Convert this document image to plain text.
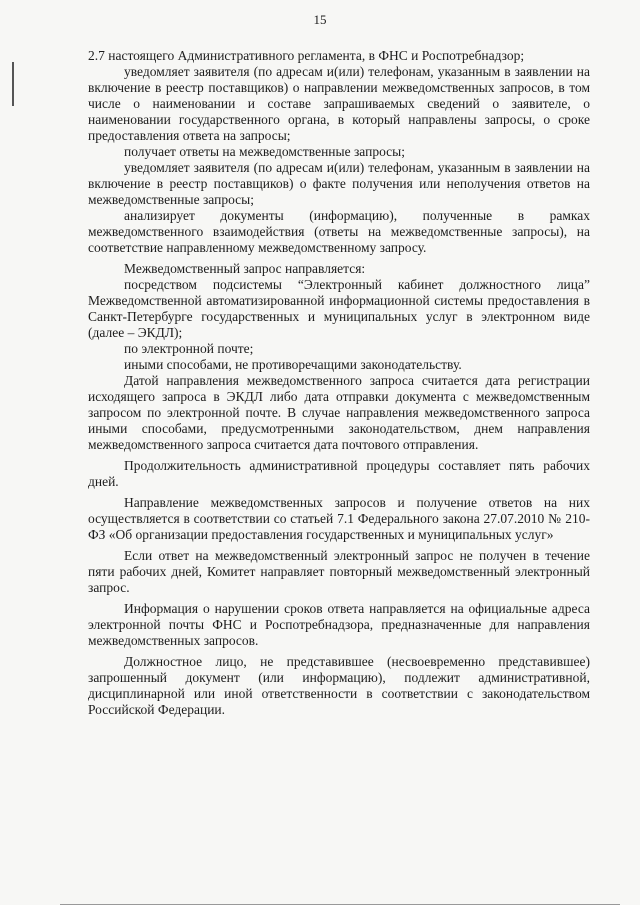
15

2.7 настоящего Административного регламента, в ФНС и Роспотребнадзор;

уведомляет заявителя (по адресам и(или) телефонам, указанным в заявлении на включение в реестр поставщиков) о направлении межведомственных запросов, в том числе о наименовании и составе запрашиваемых сведений о заявителе, о наименовании государственного органа, в который направлены запросы, о сроке предоставления ответа на запросы;

получает ответы на межведомственные запросы;

уведомляет заявителя (по адресам и(или) телефонам, указанным в заявлении на включение в реестр поставщиков) о факте получения или неполучения ответов на межведомственные запросы;

анализирует документы (информацию), полученные в рамках межведомственного взаимодействия (ответы на межведомственные запросы), на соответствие направленному межведомственному запросу.

Межведомственный запрос направляется:

посредством подсистемы “Электронный кабинет должностного лица” Межведомственной автоматизированной информационной системы предоставления в Санкт-Петербурге государственных и муниципальных услуг в электронном виде (далее – ЭКДЛ);

по электронной почте;

иными способами, не противоречащими законодательству.

Датой направления межведомственного запроса считается дата регистрации исходящего запроса в ЭКДЛ либо дата отправки документа с межведомственным запросом по электронной почте. В случае направления межведомственного запроса иными способами, предусмотренными законодательством, днем направления межведомственного запроса считается дата почтового отправления.

Продолжительность административной процедуры составляет пять рабочих дней.

Направление межведомственных запросов и получение ответов на них осуществляется в соответствии со статьей 7.1 Федерального закона 27.07.2010 № 210-ФЗ «Об организации предоставления государственных и муниципальных услуг»

Если ответ на межведомственный электронный запрос не получен в течение пяти рабочих дней, Комитет направляет повторный межведомственный электронный запрос.

Информация о нарушении сроков ответа направляется на официальные адреса электронной почты ФНС и Роспотребнадзора, предназначенные для направления межведомственных запросов.

Должностное лицо, не представившее (несвоевременно представившее) запрошенный документ (или информацию), подлежит административной, дисциплинарной или иной ответственности в соответствии с законодательством Российской Федерации.
